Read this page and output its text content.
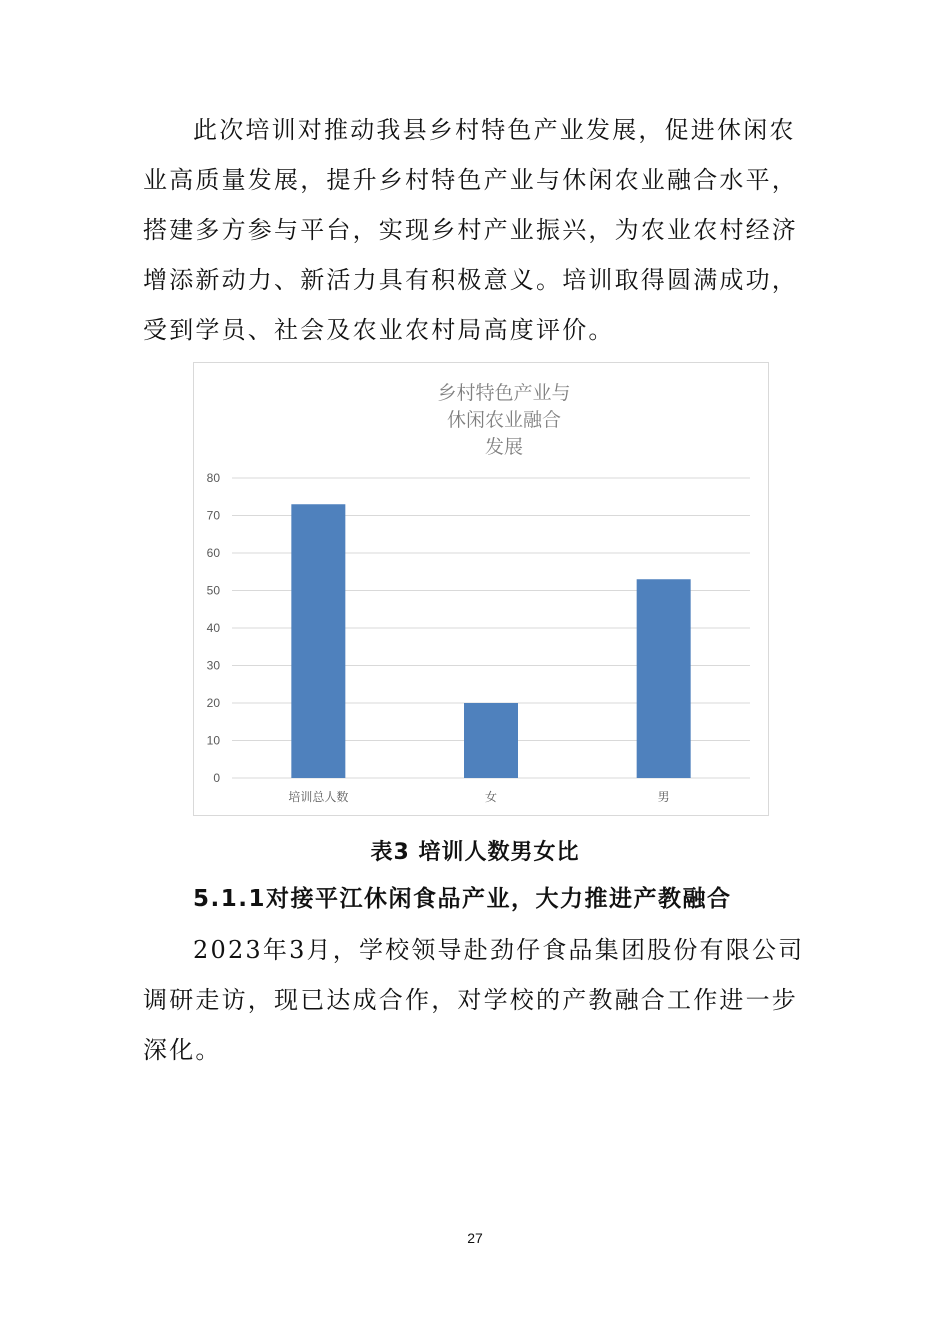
此次培训对推动我县乡村特色产业发展，促进休闲农业高质量发展，提升乡村特色产业与休闲农业融合水平，搭建多方参与平台，实现乡村产业振兴，为农业农村经济增添新动力、新活力具有积极意义。培训取得圆满成功，受到学员、社会及农业农村局高度评价。

乡村特色产业与
休闲农业融合
发展
0
10
20
30
40
50
60
70
80
培训总人数	女	男
表3 培训人数男女比
5.1.1对接平江休闲食品产业，大力推进产教融合

2023年3月，学校领导赴劲仔食品集团股份有限公司调研走访，现已达成合作，对学校的产教融合工作进一步深化。

27
